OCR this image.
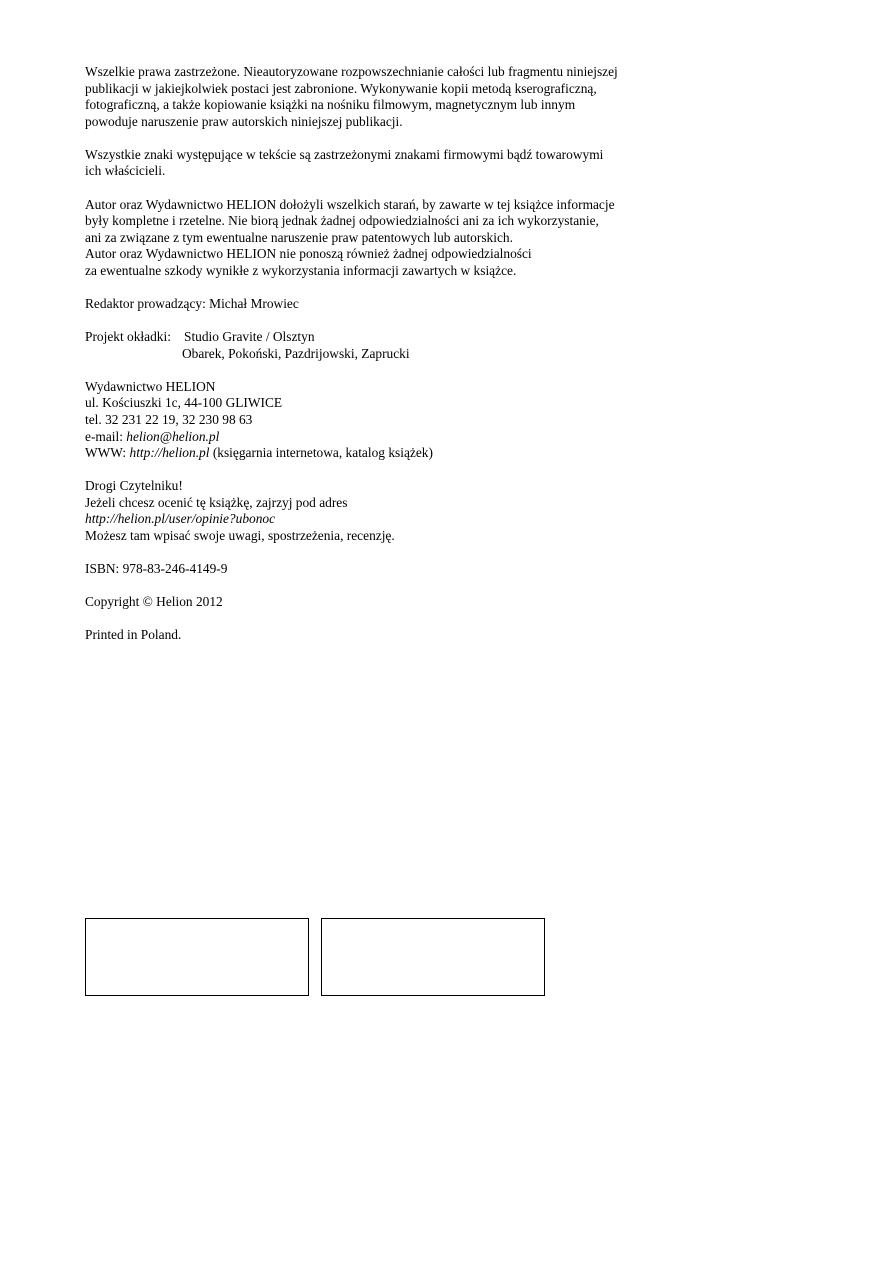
Wszelkie prawa zastrzeżone. Nieautoryzowane rozpowszechnianie całości lub fragmentu niniejszej
publikacji w jakiejkolwiek postaci jest zabronione. Wykonywanie kopii metodą kserograficzną,
fotograficzną, a także kopiowanie książki na nośniku filmowym, magnetycznym lub innym
powoduje naruszenie praw autorskich niniejszej publikacji.
Wszystkie znaki występujące w tekście są zastrzeżonymi znakami firmowymi bądź towarowymi
ich właścicieli.
Autor oraz Wydawnictwo HELION dołożyli wszelkich starań, by zawarte w tej książce informacje
były kompletne i rzetelne. Nie biorą jednak żadnej odpowiedzialności ani za ich wykorzystanie,
ani za związane z tym ewentualne naruszenie praw patentowych lub autorskich.
Autor oraz Wydawnictwo HELION nie ponoszą również żadnej odpowiedzialności
za ewentualne szkody wynikłe z wykorzystania informacji zawartych w książce.
Redaktor prowadzący: Michał Mrowiec
Projekt okładki: Studio Gravite / Olsztyn
Obarek, Pokoński, Pazdrijowski, Zaprucki
Wydawnictwo HELION
ul. Kościuszki 1c, 44-100 GLIWICE
tel. 32 231 22 19, 32 230 98 63
e-mail: helion@helion.pl
WWW: http://helion.pl (księgarnia internetowa, katalog książek)
Drogi Czytelniku!
Jeżeli chcesz ocenić tę książkę, zajrzyj pod adres
http://helion.pl/user/opinie?ubonoc
Możesz tam wpisać swoje uwagi, spostrzeżenia, recenzję.
ISBN: 978-83-246-4149-9
Copyright © Helion 2012
Printed in Poland.
